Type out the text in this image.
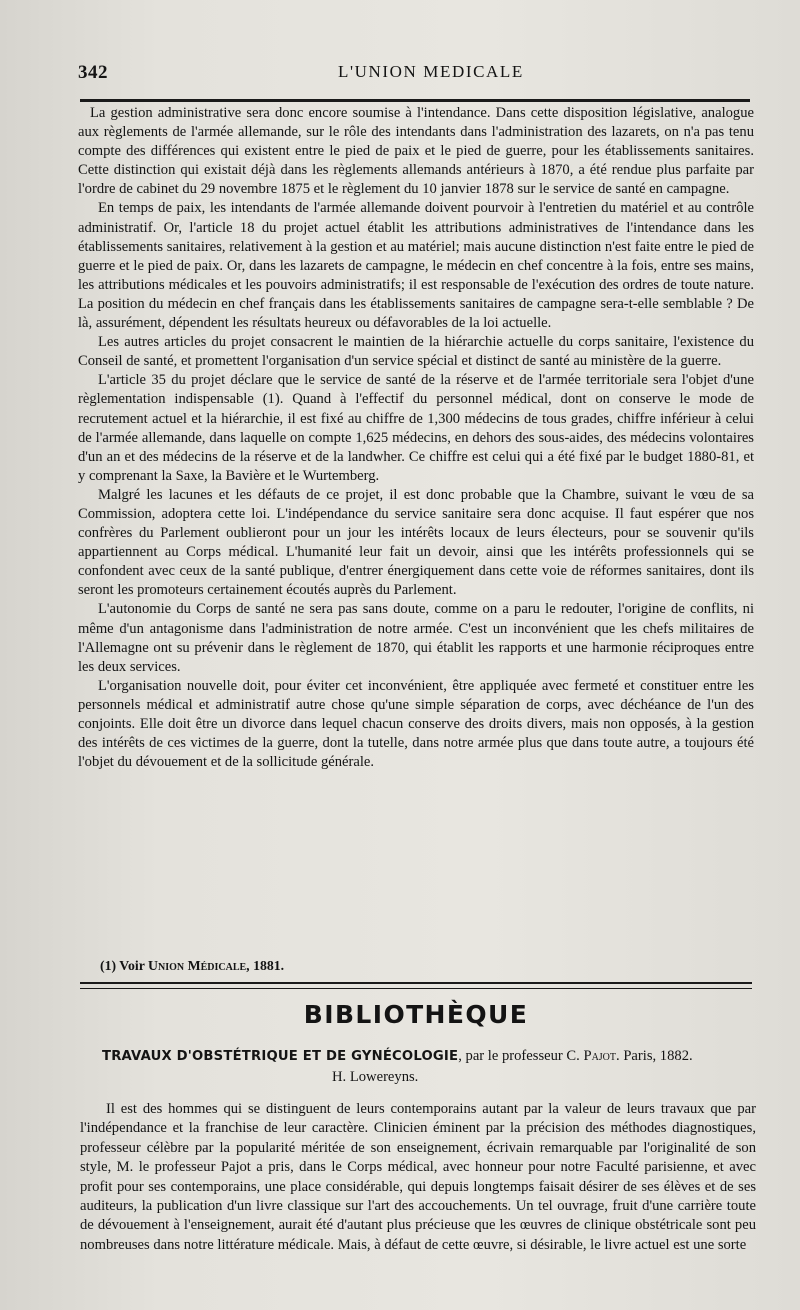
342	L'UNION MEDICALE

La gestion administrative sera donc encore soumise à l'intendance. Dans cette disposition législative, analogue aux règlements de l'armée allemande, sur le rôle des intendants dans l'administration des lazarets, on n'a pas tenu compte des différences qui existent entre le pied de paix et le pied de guerre, pour les établissements sanitaires. Cette distinction qui existait déjà dans les règlements allemands antérieurs à 1870, a été rendue plus parfaite par l'ordre de cabinet du 29 novembre 1875 et le règlement du 10 janvier 1878 sur le service de santé en campagne.

En temps de paix, les intendants de l'armée allemande doivent pourvoir à l'entretien du matériel et au contrôle administratif. Or, l'article 18 du projet actuel établit les attributions administratives de l'intendance dans les établissements sanitaires, relativement à la gestion et au matériel; mais aucune distinction n'est faite entre le pied de guerre et le pied de paix. Or, dans les lazarets de campagne, le médecin en chef concentre à la fois, entre ses mains, les attributions médicales et les pouvoirs administratifs; il est responsable de l'exécution des ordres de toute nature. La position du médecin en chef français dans les établissements sanitaires de campagne sera-t-elle semblable ? De là, assurément, dépendent les résultats heureux ou défavorables de la loi actuelle.

Les autres articles du projet consacrent le maintien de la hiérarchie actuelle du corps sanitaire, l'existence du Conseil de santé, et promettent l'organisation d'un service spécial et distinct de santé au ministère de la guerre.

L'article 35 du projet déclare que le service de santé de la réserve et de l'armée territoriale sera l'objet d'une règlementation indispensable (1). Quand à l'effectif du personnel médical, dont on conserve le mode de recrutement actuel et la hiérarchie, il est fixé au chiffre de 1,300 médecins de tous grades, chiffre inférieur à celui de l'armée allemande, dans laquelle on compte 1,625 médecins, en dehors des sous-aides, des médecins volontaires d'un an et des médecins de la réserve et de la landwher. Ce chiffre est celui qui a été fixé par le budget 1880-81, et y comprenant la Saxe, la Bavière et le Wurtemberg.

Malgré les lacunes et les défauts de ce projet, il est donc probable que la Chambre, suivant le vœu de sa Commission, adoptera cette loi. L'indépendance du service sanitaire sera donc acquise. Il faut espérer que nos confrères du Parlement oublieront pour un jour les intérêts locaux de leurs électeurs, pour se souvenir qu'ils appartiennent au Corps médical. L'humanité leur fait un devoir, ainsi que les intérêts professionnels qui se confondent avec ceux de la santé publique, d'entrer énergiquement dans cette voie de réformes sanitaires, dont ils seront les promoteurs certainement écoutés auprès du Parlement.

L'autonomie du Corps de santé ne sera pas sans doute, comme on a paru le redouter, l'origine de conflits, ni même d'un antagonisme dans l'administration de notre armée. C'est un inconvénient que les chefs militaires de l'Allemagne ont su prévenir dans le règlement de 1870, qui établit les rapports et une harmonie réciproques entre les deux services.

L'organisation nouvelle doit, pour éviter cet inconvénient, être appliquée avec fermeté et constituer entre les personnels médical et administratif autre chose qu'une simple séparation de corps, avec déchéance de l'un des conjoints. Elle doit être un divorce dans lequel chacun conserve des droits divers, mais non opposés, à la gestion des intérêts de ces victimes de la guerre, dont la tutelle, dans notre armée plus que dans toute autre, a toujours été l'objet du dévouement et de la sollicitude générale.

(1) Voir Union Médicale, 1881.
BIBLIOTHÈQUE
TRAVAUX D'OBSTÉTRIQUE ET DE GYNÉCOLOGIE, par le professeur C. Pajot. Paris, 1882.
H. Lowereyns.

Il est des hommes qui se distinguent de leurs contemporains autant par la valeur de leurs travaux que par l'indépendance et la franchise de leur caractère. Clinicien éminent par la précision des méthodes diagnostiques, professeur célèbre par la popularité méritée de son enseignement, écrivain remarquable par l'originalité de son style, M. le professeur Pajot a pris, dans le Corps médical, avec honneur pour notre Faculté parisienne, et avec profit pour ses contemporains, une place considérable, qui depuis longtemps faisait désirer de ses élèves et de ses auditeurs, la publication d'un livre classique sur l'art des accouchements. Un tel ouvrage, fruit d'une carrière toute de dévouement à l'enseignement, aurait été d'autant plus précieuse que les œuvres de clinique obstétricale sont peu nombreuses dans notre littérature médicale. Mais, à défaut de cette œuvre, si désirable, le livre actuel est une sorte
